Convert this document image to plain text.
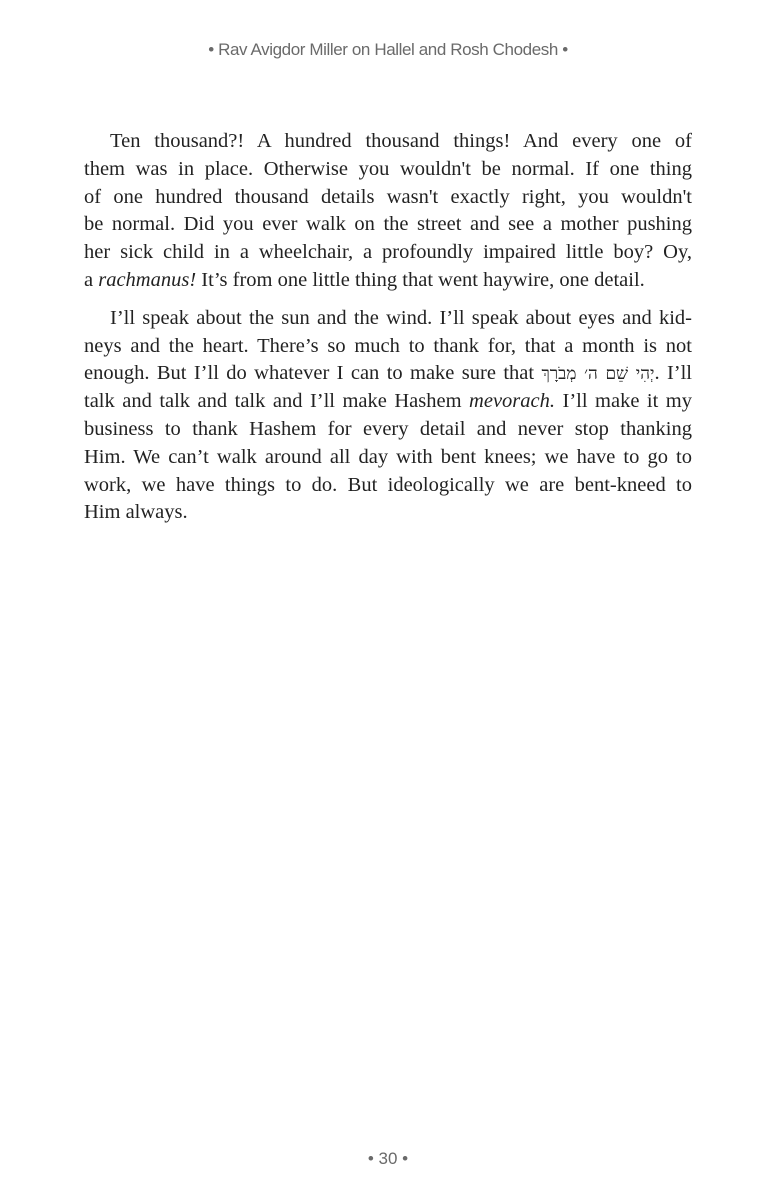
• Rav Avigdor Miller on Hallel and Rosh Chodesh •
Ten thousand?! A hundred thousand things! And every one of
them was in place. Otherwise you wouldn't be normal. If one thing
of one hundred thousand details wasn't exactly right, you wouldn't
be normal. Did you ever walk on the street and see a mother pushing
her sick child in a wheelchair, a profoundly impaired little boy? Oy,
a rachmanus! It’s from one little thing that went haywire, one detail.
I’ll speak about the sun and the wind. I’ll speak about eyes and kid-
neys and the heart. There’s so much to thank for, that a month is not
enough. But I’ll do whatever I can to make sure that יְהִי שֵׁם ה׳ מְבֹרָךְ. I’ll
talk and talk and talk and I’ll make Hashem mevorach. I’ll make it my
business to thank Hashem for every detail and never stop thanking
Him. We can’t walk around all day with bent knees; we have to go to
work, we have things to do. But ideologically we are bent-kneed to
Him always.
• 30 •
